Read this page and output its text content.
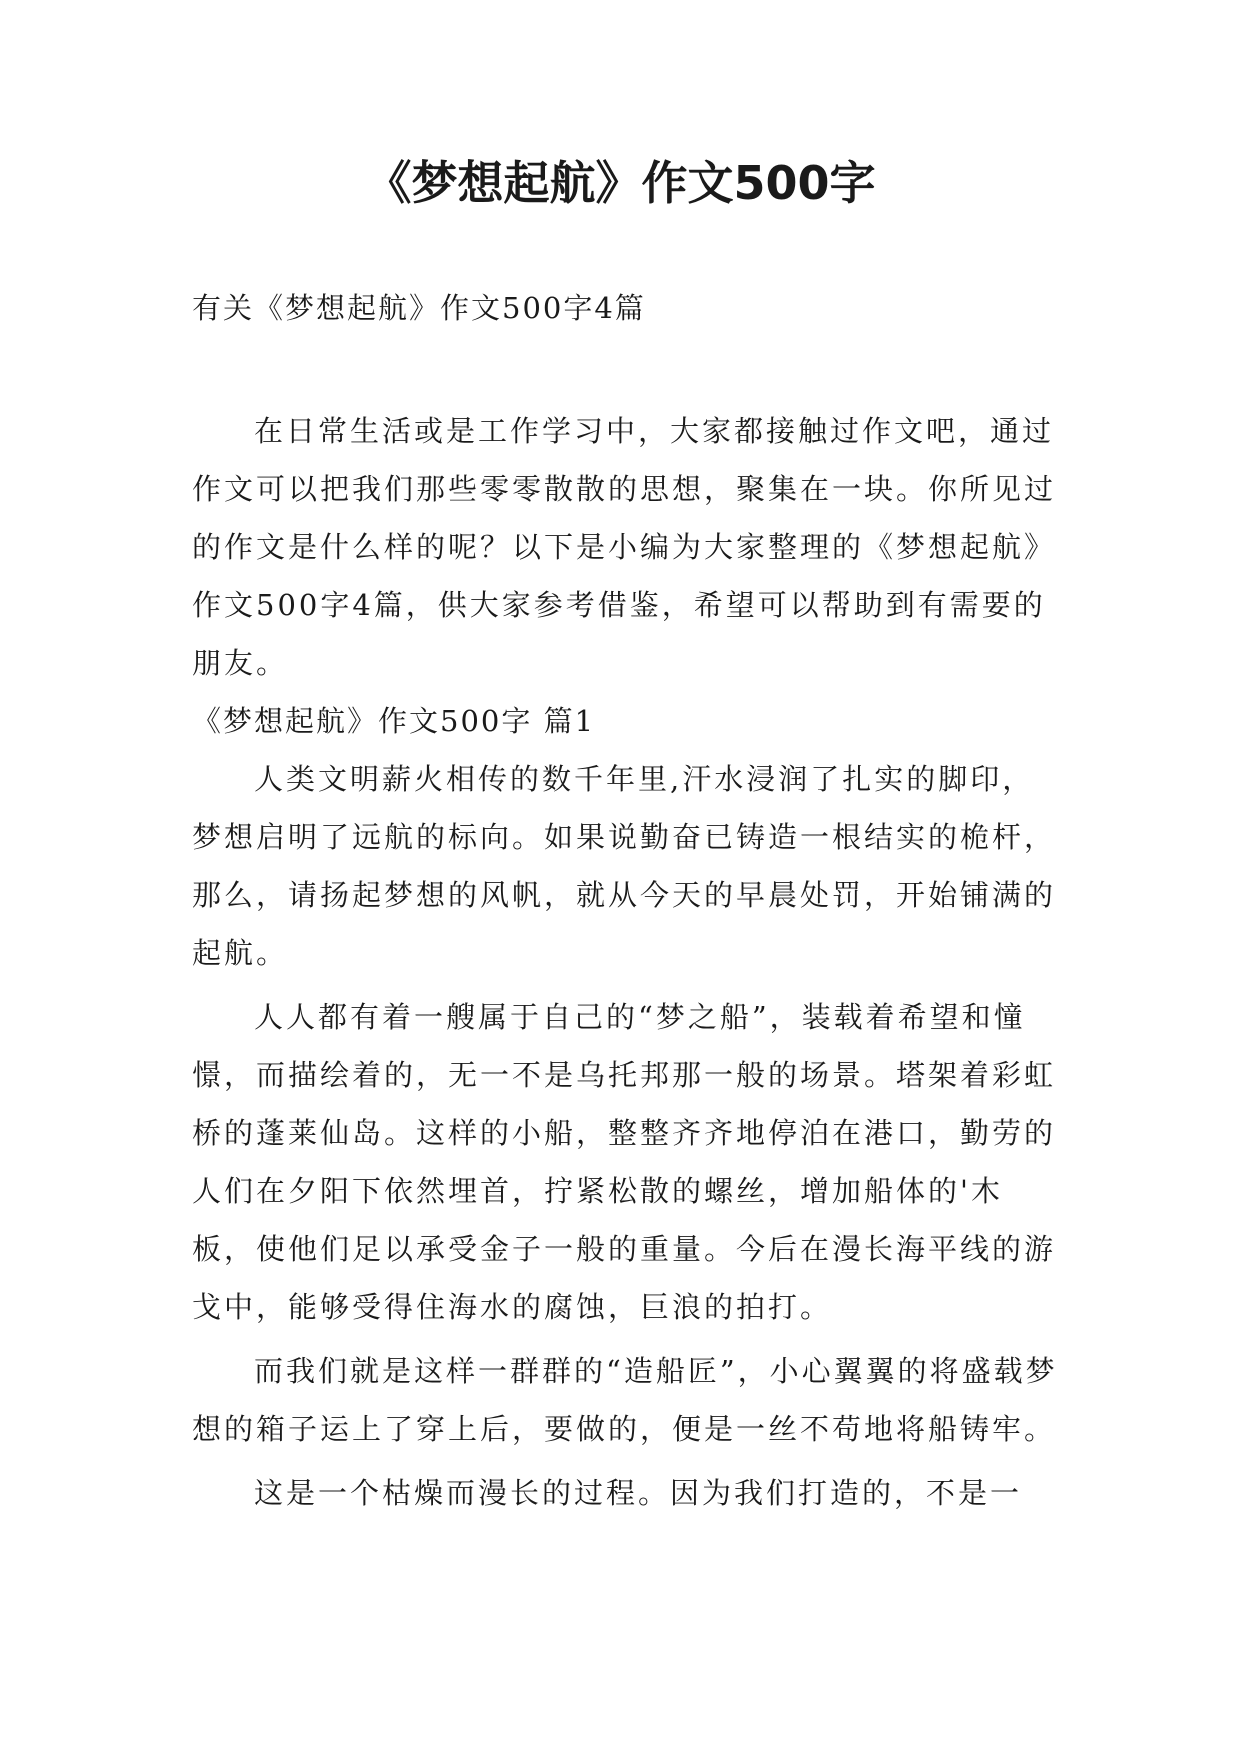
《梦想起航》作文500字

有关《梦想起航》作文500字4篇

在日常生活或是工作学习中，大家都接触过作文吧，通过作文可以把我们那些零零散散的思想，聚集在一块。你所见过的作文是什么样的呢？以下是小编为大家整理的《梦想起航》作文500字4篇，供大家参考借鉴，希望可以帮助到有需要的朋友。

《梦想起航》作文500字 篇1

人类文明薪火相传的数千年里,汗水浸润了扎实的脚印，梦想启明了远航的标向。如果说勤奋已铸造一根结实的桅杆，那么，请扬起梦想的风帆，就从今天的早晨处罚，开始铺满的起航。

人人都有着一艘属于自己的“梦之船”，装载着希望和憧憬，而描绘着的，无一不是乌托邦那一般的场景。塔架着彩虹桥的蓬莱仙岛。这样的小船，整整齐齐地停泊在港口，勤劳的人们在夕阳下依然埋首，拧紧松散的螺丝，增加船体的'木板，使他们足以承受金子一般的重量。今后在漫长海平线的游戈中，能够受得住海水的腐蚀，巨浪的拍打。

而我们就是这样一群群的“造船匠”，小心翼翼的将盛载梦想的箱子运上了穿上后，要做的，便是一丝不苟地将船铸牢。

这是一个枯燥而漫长的过程。因为我们打造的，不是一
